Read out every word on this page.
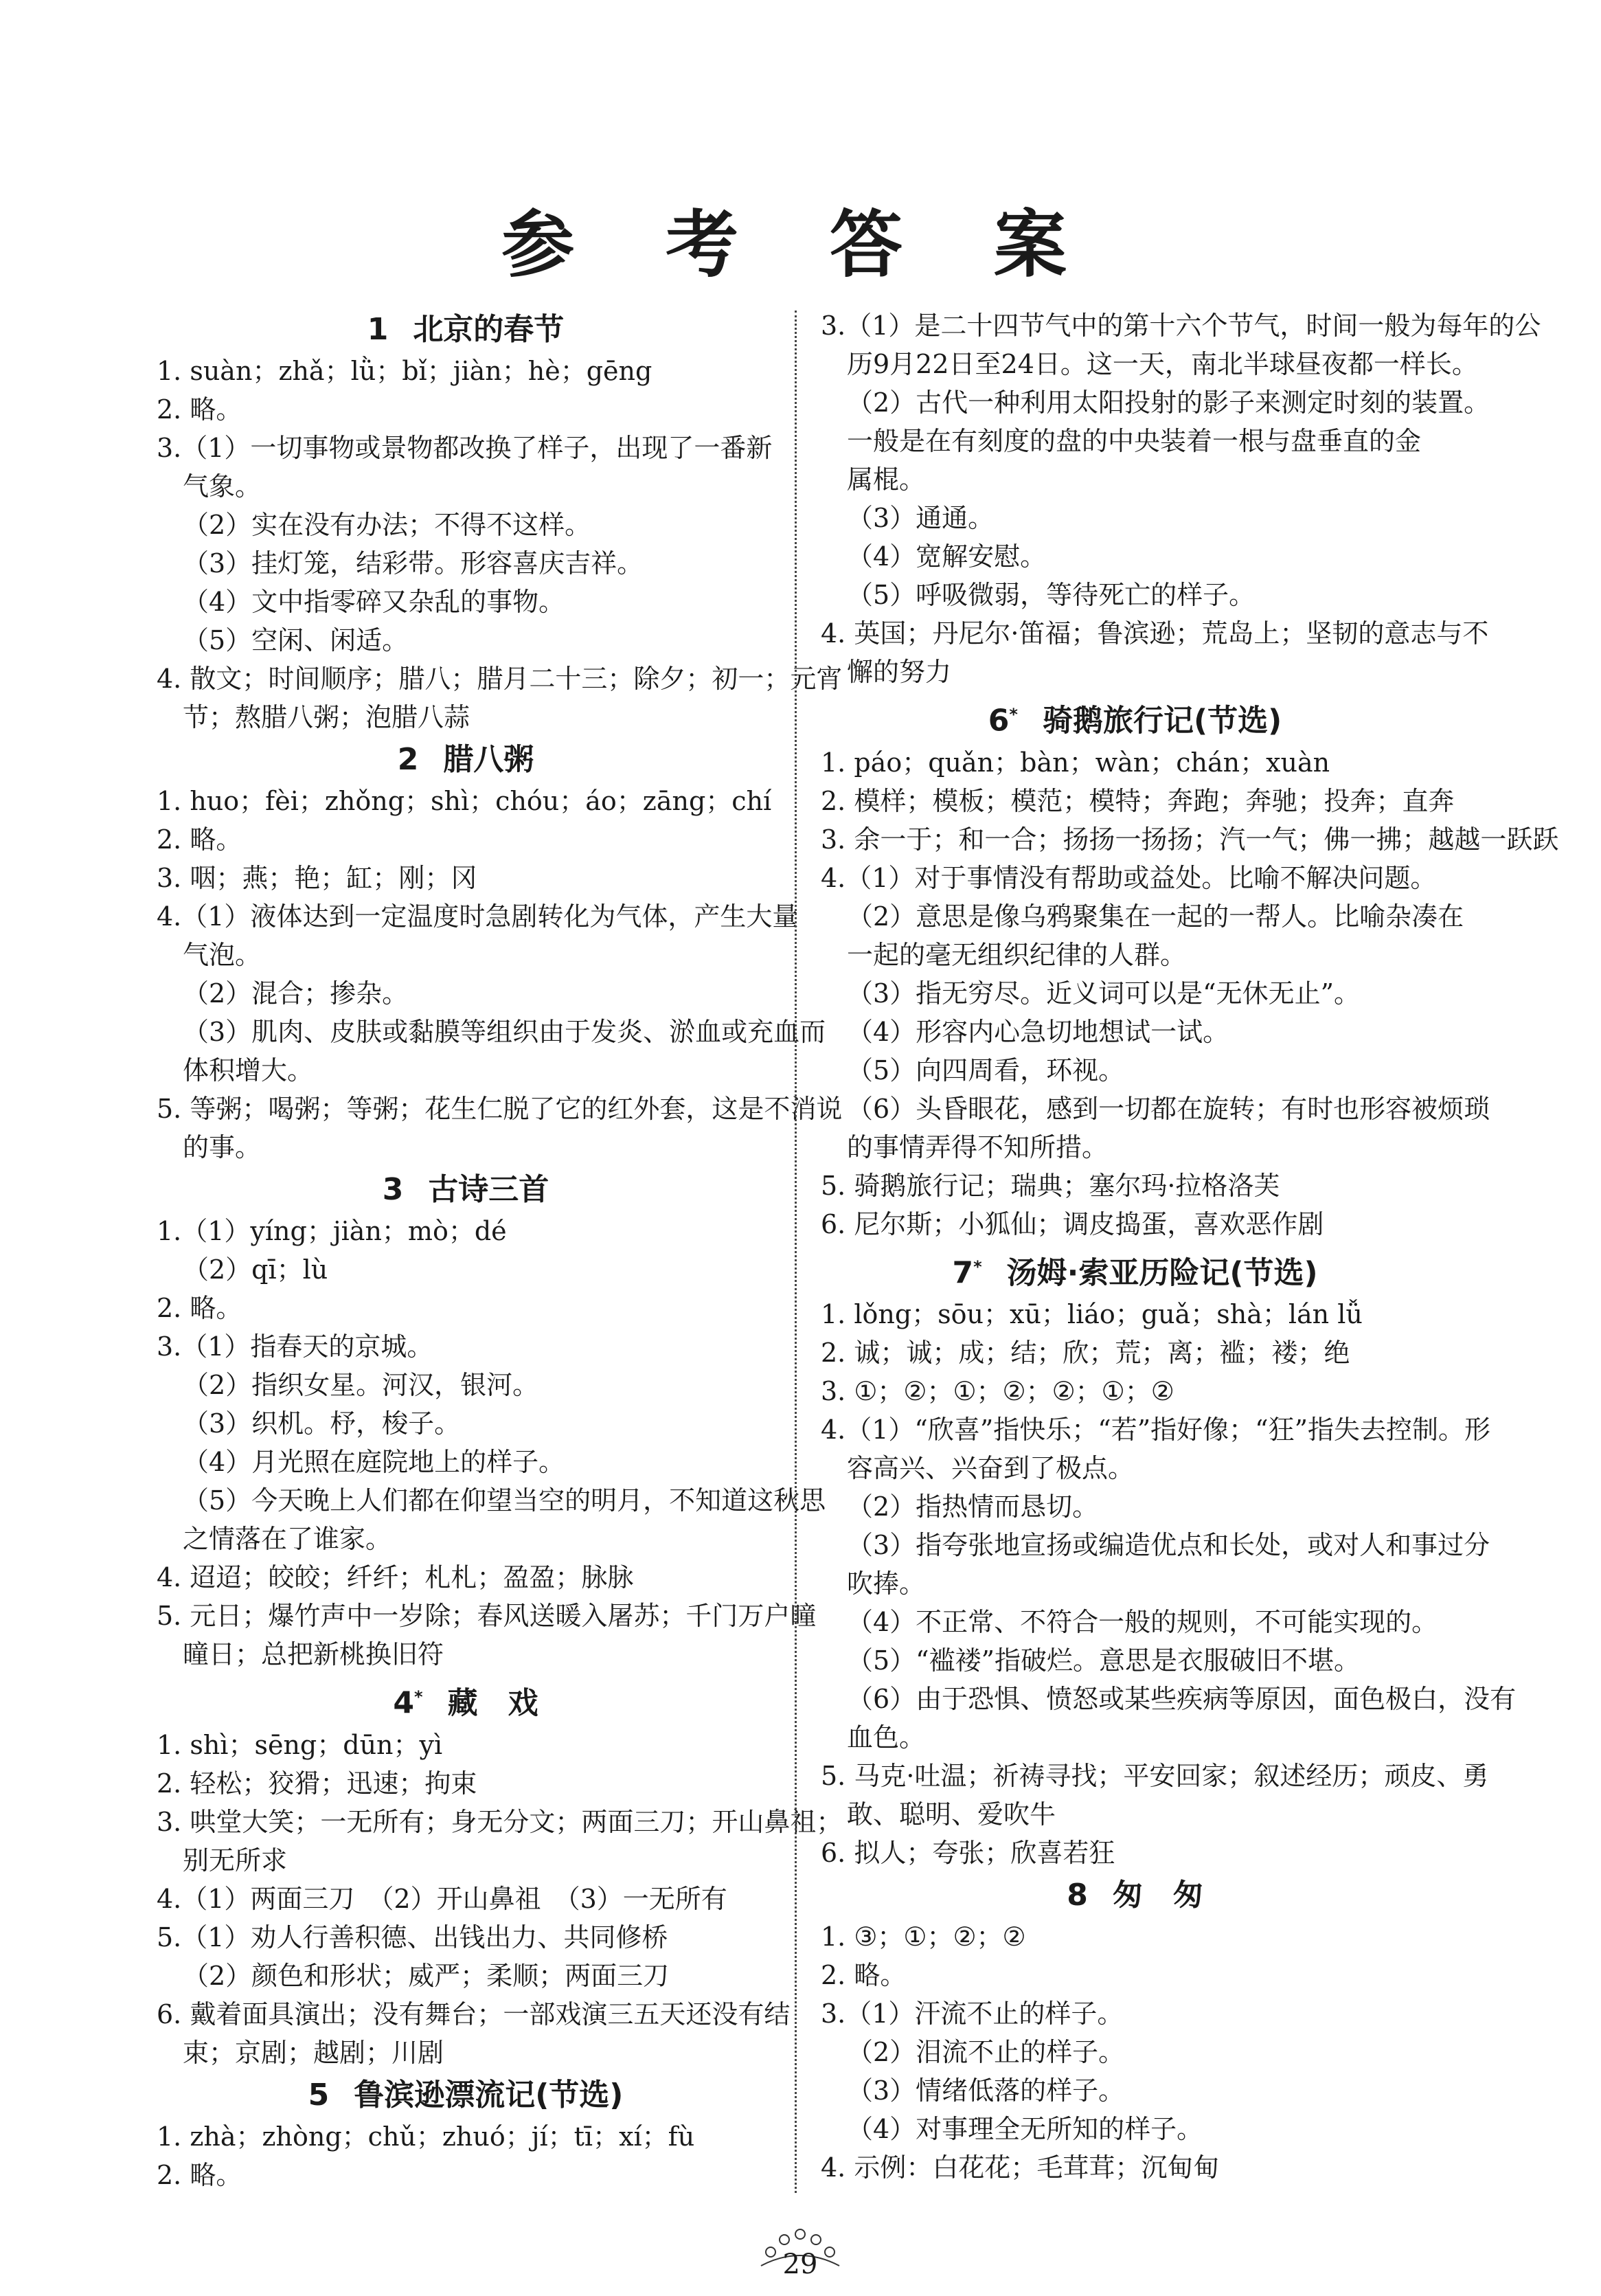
参 考 答 案
1 北京的春节
1. suàn；zhǎ；lǜ；bǐ；jiàn；hè；gēng
2. 略。
3.（1）一切事物或景物都改换了样子，出现了一番新
气象。
（2）实在没有办法；不得不这样。
（3）挂灯笼，结彩带。形容喜庆吉祥。
（4）文中指零碎又杂乱的事物。
（5）空闲、闲适。
4. 散文；时间顺序；腊八；腊月二十三；除夕；初一；元宵
节；熬腊八粥；泡腊八蒜
2 腊八粥
1. huo；fèi；zhǒng；shì；chóu；áo；zāng；chí
2. 略。
3. 咽；燕；艳；缸；刚；冈
4.（1）液体达到一定温度时急剧转化为气体，产生大量
气泡。
（2）混合；掺杂。
（3）肌肉、皮肤或黏膜等组织由于发炎、淤血或充血而
体积增大。
5. 等粥；喝粥；等粥；花生仁脱了它的红外套，这是不消说
的事。
3 古诗三首
1.（1）yíng；jiàn；mò；dé
（2）qī；lù
2. 略。
3.（1）指春天的京城。
（2）指织女星。河汉，银河。
（3）织机。杼，梭子。
（4）月光照在庭院地上的样子。
（5）今天晚上人们都在仰望当空的明月，不知道这秋思
之情落在了谁家。
4. 迢迢；皎皎；纤纤；札札；盈盈；脉脉
5. 元日；爆竹声中一岁除；春风送暖入屠苏；千门万户曈
曈日；总把新桃换旧符
4* 藏　戏
1. shì；sēng；dūn；yì
2. 轻松；狡猾；迅速；拘束
3. 哄堂大笑；一无所有；身无分文；两面三刀；开山鼻祖；
别无所求
4.（1）两面三刀　（2）开山鼻祖　（3）一无所有
5.（1）劝人行善积德、出钱出力、共同修桥
（2）颜色和形状；威严；柔顺；两面三刀
6. 戴着面具演出；没有舞台；一部戏演三五天还没有结
束；京剧；越剧；川剧
5 鲁滨逊漂流记(节选)
1. zhà；zhòng；chǔ；zhuó；jí；tī；xí；fù
2. 略。
3.（1）是二十四节气中的第十六个节气，时间一般为每年的公
历9月22日至24日。这一天，南北半球昼夜都一样长。
（2）古代一种利用太阳投射的影子来测定时刻的装置。
一般是在有刻度的盘的中央装着一根与盘垂直的金
属棍。
（3）通通。
（4）宽解安慰。
（5）呼吸微弱，等待死亡的样子。
4. 英国；丹尼尔·笛福；鲁滨逊；荒岛上；坚韧的意志与不
懈的努力
6* 骑鹅旅行记(节选)
1. páo；quǎn；bàn；wàn；chán；xuàn
2. 模样；模板；模范；模特；奔跑；奔驰；投奔；直奔
3. 余一于；和一合；扬扬一扬扬；汽一气；佛一拂；越越一跃跃
4.（1）对于事情没有帮助或益处。比喻不解决问题。
（2）意思是像乌鸦聚集在一起的一帮人。比喻杂凑在
一起的毫无组织纪律的人群。
（3）指无穷尽。近义词可以是“无休无止”。
（4）形容内心急切地想试一试。
（5）向四周看，环视。
（6）头昏眼花，感到一切都在旋转；有时也形容被烦琐
的事情弄得不知所措。
5. 骑鹅旅行记；瑞典；塞尔玛·拉格洛芙
6. 尼尔斯；小狐仙；调皮捣蛋，喜欢恶作剧
7* 汤姆·索亚历险记(节选)
1. lǒng；sōu；xū；liáo；guǎ；shà；lán lǚ
2. 诚；诚；成；结；欣；荒；离；褴；褛；绝
3. ①；②；①；②；②；①；②
4.（1）“欣喜”指快乐；“若”指好像；“狂”指失去控制。形
容高兴、兴奋到了极点。
（2）指热情而恳切。
（3）指夸张地宣扬或编造优点和长处，或对人和事过分
吹捧。
（4）不正常、不符合一般的规则，不可能实现的。
（5）“褴褛”指破烂。意思是衣服破旧不堪。
（6）由于恐惧、愤怒或某些疾病等原因，面色极白，没有
血色。
5. 马克·吐温；祈祷寻找；平安回家；叙述经历；顽皮、勇
敢、聪明、爱吹牛
6. 拟人；夸张；欣喜若狂
8 匆　匆
1. ③；①；②；②
2. 略。
3.（1）汗流不止的样子。
（2）泪流不止的样子。
（3）情绪低落的样子。
（4）对事理全无所知的样子。
4. 示例：白花花；毛茸茸；沉甸甸
29
